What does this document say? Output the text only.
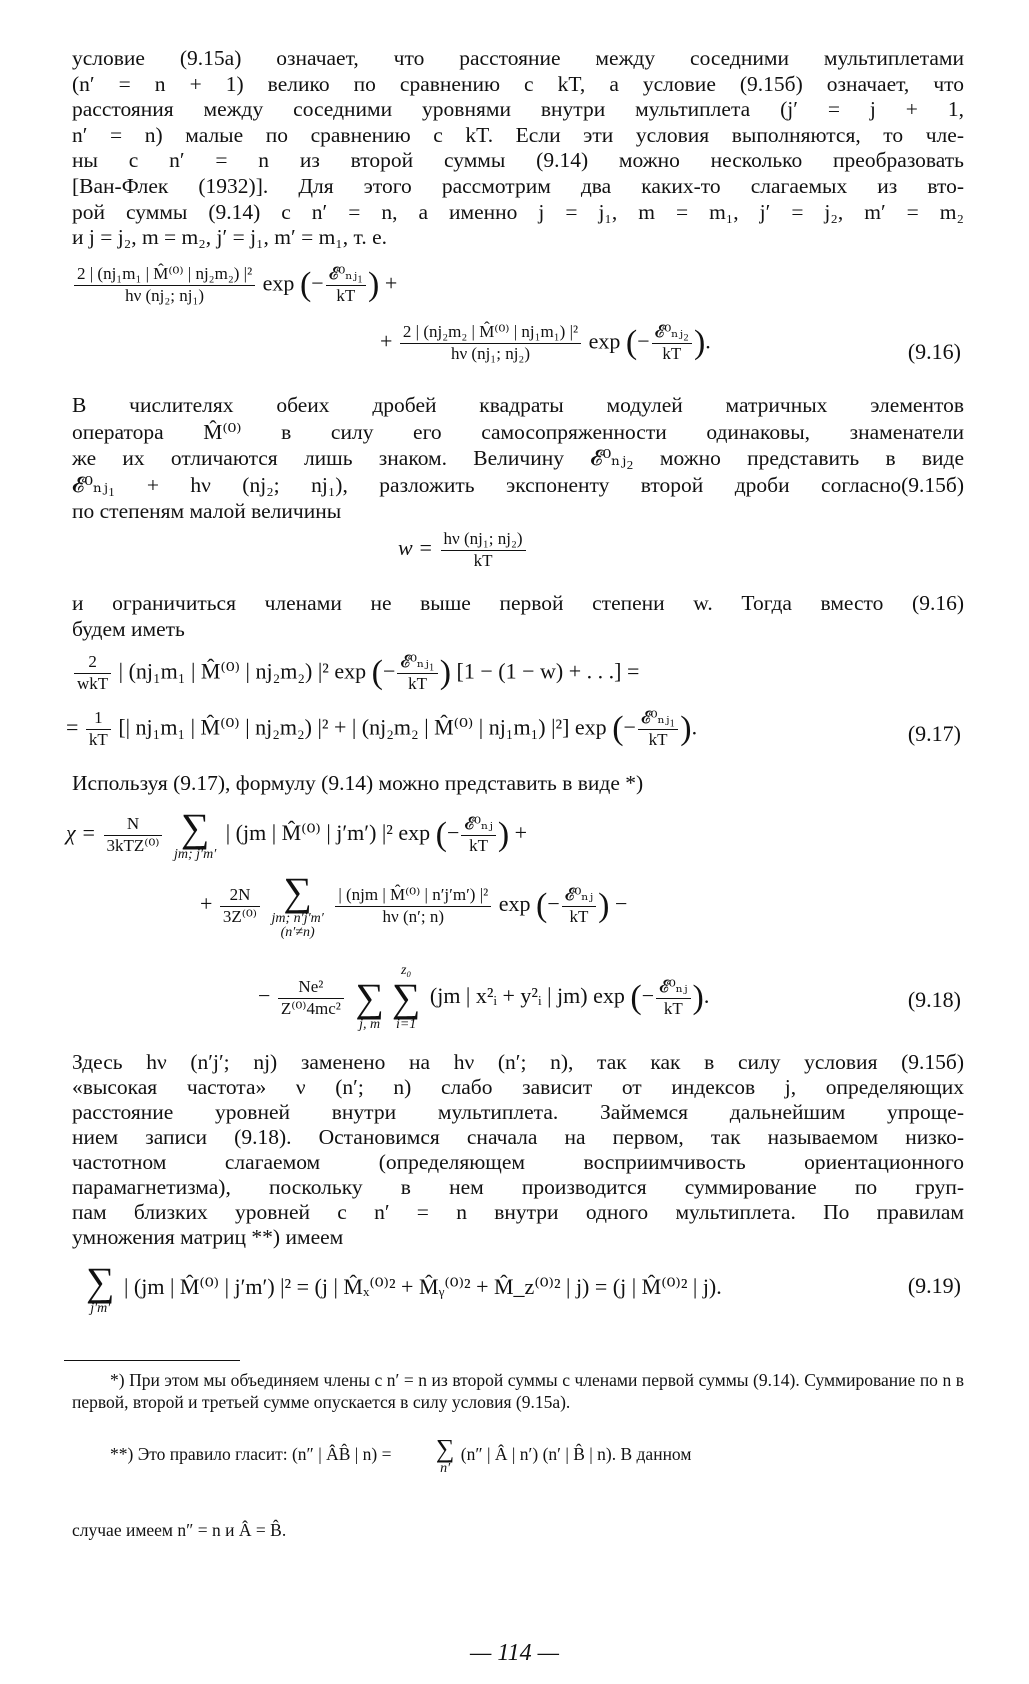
условие (9.15а) означает, что расстояние между соседними мультиплетами
(n′ = n + 1) велико по сравнению с kT, а условие (9.15б) означает, что
расстояния между соседними уровнями внутри мультиплета (j′ = j + 1,
n′ = n) малые по сравнению с kT. Если эти условия выполняются, то чле-
ны с n′ = n из второй суммы (9.14) можно несколько преобразовать
[Ван-Флек (1932)]. Для этого рассмотрим два каких-то слагаемых из вто-
рой суммы (9.14) с n′ = n, а именно j = j₁, m = m₁, j′ = j₂, m′ = m₂
и j = j₂, m = m₂, j′ = j₁, m′ = m₁, т. е.
$\frac{\text{2 | (nj₁m₁ | M̂⁽⁰⁾ | nj₂m₂) |²}}{\text{hν (nj₂; nj₁)}}$ exp (− $\frac{\text{𝓔⁰ₙⱼ₁}}{kT}$ ) +
+ $\frac{\text{2 | (nj₂m₂ | M̂⁽⁰⁾ | nj₁m₁) |²}}{\text{hν (nj₁; nj₂)}}$ exp (− $\frac{\text{𝓔⁰ₙⱼ₂}}{kT}$ ).	(9.16)
В числителях обеих дробей квадраты модулей матричных элементов
оператора M̂⁽⁰⁾ в силу его самосопряженности одинаковы, знаменатели
же их отличаются лишь знаком. Величину 𝓔⁰ₙⱼ₂ можно представить в виде
𝓔⁰ₙⱼ₁ + hν (nj₂; nj₁), разложить экспоненту второй дроби согласно(9.15б)
по степеням малой величины
$w = \frac{\text{hν (nj₁; nj₂)}}{kT}$
и ограничиться членами не выше первой степени w. Тогда вместо (9.16)
будем иметь
$\frac{2}{\text{wkT}}$ | (nj₁m₁ | M̂⁽⁰⁾ | nj₂m₂) |² exp (− $\frac{\text{𝓔⁰ₙⱼ₁}}{kT}$ ) [1 − (1 − w) + . . .] =
= $\frac{1}{kT}$ [| nj₁m₁ | M̂⁽⁰⁾ | nj₂m₂) |² + | (nj₂m₂ | M̂⁽⁰⁾ | nj₁m₁) |²] exp (− $\frac{\text{𝓔⁰ₙⱼ₁}}{kT}$ ).	(9.17)
Используя (9.17), формулу (9.14) можно представить в виде *)
$\chi = \frac{N}{\text{3kTZ⁽⁰⁾}}$
∑
jm; j′m′
| (jm | M̂⁽⁰⁾ | j′m′) |² exp (− $\frac{\text{𝓔⁰ₙⱼ}}{kT}$ ) +
+ $\frac{2N}{\text{3Z⁽⁰⁾}}$
∑
jm; n′j′m′
(n′≠n)

$\frac{\text{| (njm | M̂⁽⁰⁾ | n′j′m′) |²}}{h\nu (n'; n)}$ exp (− $\frac{\text{𝓔⁰ₙⱼ}}{kT}$ ) −
− $\frac{\text{Ne²}}{\text{Z⁽⁰⁾4mc²}}$

∑
j, m
z₀
∑
i=1
(jm | x²ᵢ + y²ᵢ | jm) exp (− $\frac{\text{𝓔⁰ₙⱼ}}{kT}$ ).	(9.18)
Здесь hν (n′j′; nj) заменено на hν (n′; n), так как в силу условия (9.15б)
«высокая частота» ν (n′; n) слабо зависит от индексов j, определяющих
расстояние уровней внутри мультиплета. Займемся дальнейшим упроще-
нием записи (9.18). Остановимся сначала на первом, так называемом низко-
частотном слагаемом (определяющем восприимчивость ориентационного
парамагнетизма), поскольку в нем производится суммирование по груп-
пам близких уровней с n′ = n внутри одного мультиплета. По правилам
умножения матриц **) имеем
∑
j′m′
| (jm | M̂⁽⁰⁾ | j′m′) |² = (j | M̂ₓ⁽⁰⁾² + M̂ᵧ⁽⁰⁾² + M̂_z⁽⁰⁾² | j) = (j | M̂⁽⁰⁾² | j).	(9.19)
*) При этом мы объединяем члены с n′ = n из второй суммы с членами первой суммы (9.14). Суммирование по n в первой, второй и третьей сумме опускается в силу условия (9.15а).
**) Это правило гласит: (n″ | ÂB̂ | n) =	∑
n′
(n″ | Â | n′) (n′ | B̂ | n). В данном
случае имеем n″ = n и Â = B̂.
— 114 —
